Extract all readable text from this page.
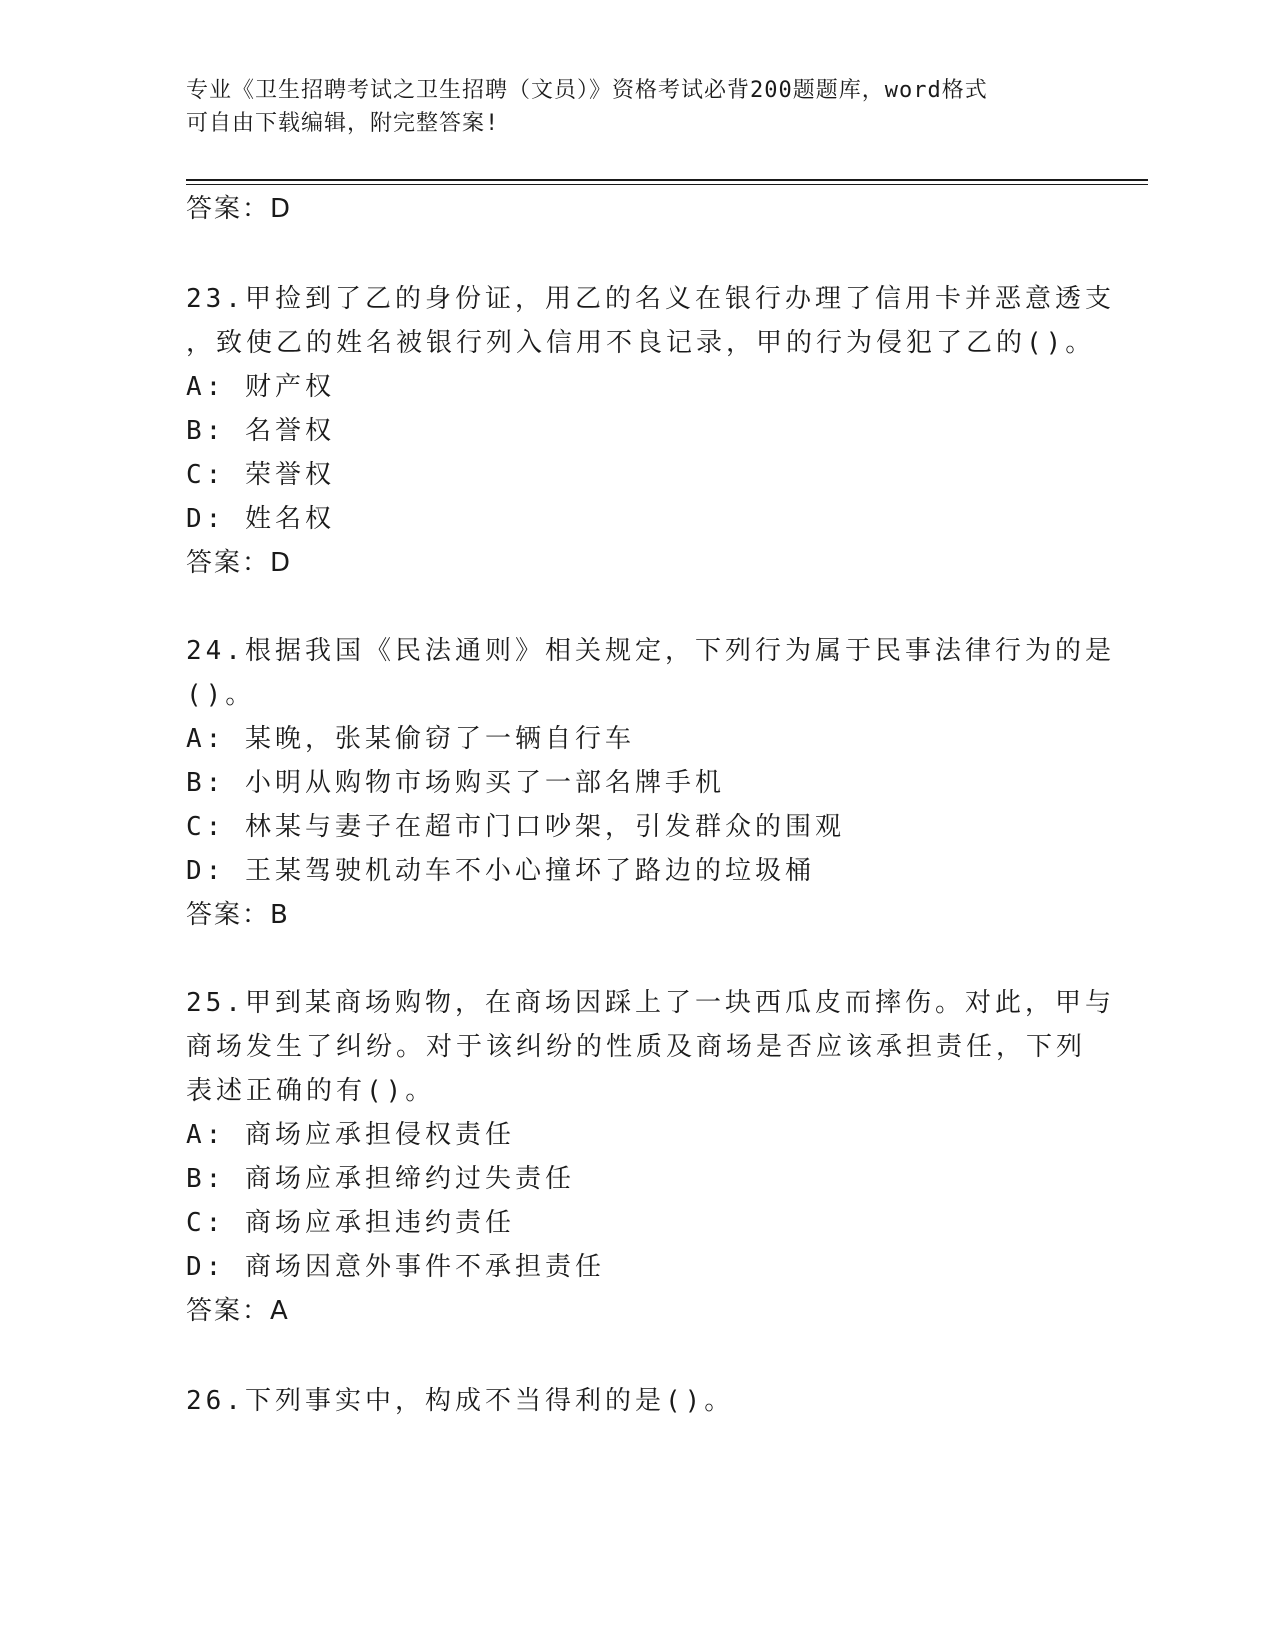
专业《卫生招聘考试之卫生招聘（文员）》资格考试必背200题题库，word格式
可自由下载编辑，附完整答案!
答案：D
23.甲捡到了乙的身份证，用乙的名义在银行办理了信用卡并恶意透支
，致使乙的姓名被银行列入信用不良记录，甲的行为侵犯了乙的()。
A: 财产权
B: 名誉权
C: 荣誉权
D: 姓名权
答案：D
24.根据我国《民法通则》相关规定，下列行为属于民事法律行为的是
()。
A: 某晚，张某偷窃了一辆自行车
B: 小明从购物市场购买了一部名牌手机
C: 林某与妻子在超市门口吵架，引发群众的围观
D: 王某驾驶机动车不小心撞坏了路边的垃圾桶
答案：B
25.甲到某商场购物，在商场因踩上了一块西瓜皮而摔伤。对此，甲与
商场发生了纠纷。对于该纠纷的性质及商场是否应该承担责任，下列
表述正确的有()。
A: 商场应承担侵权责任
B: 商场应承担缔约过失责任
C: 商场应承担违约责任
D: 商场因意外事件不承担责任
答案：A
26.下列事实中，构成不当得利的是()。
